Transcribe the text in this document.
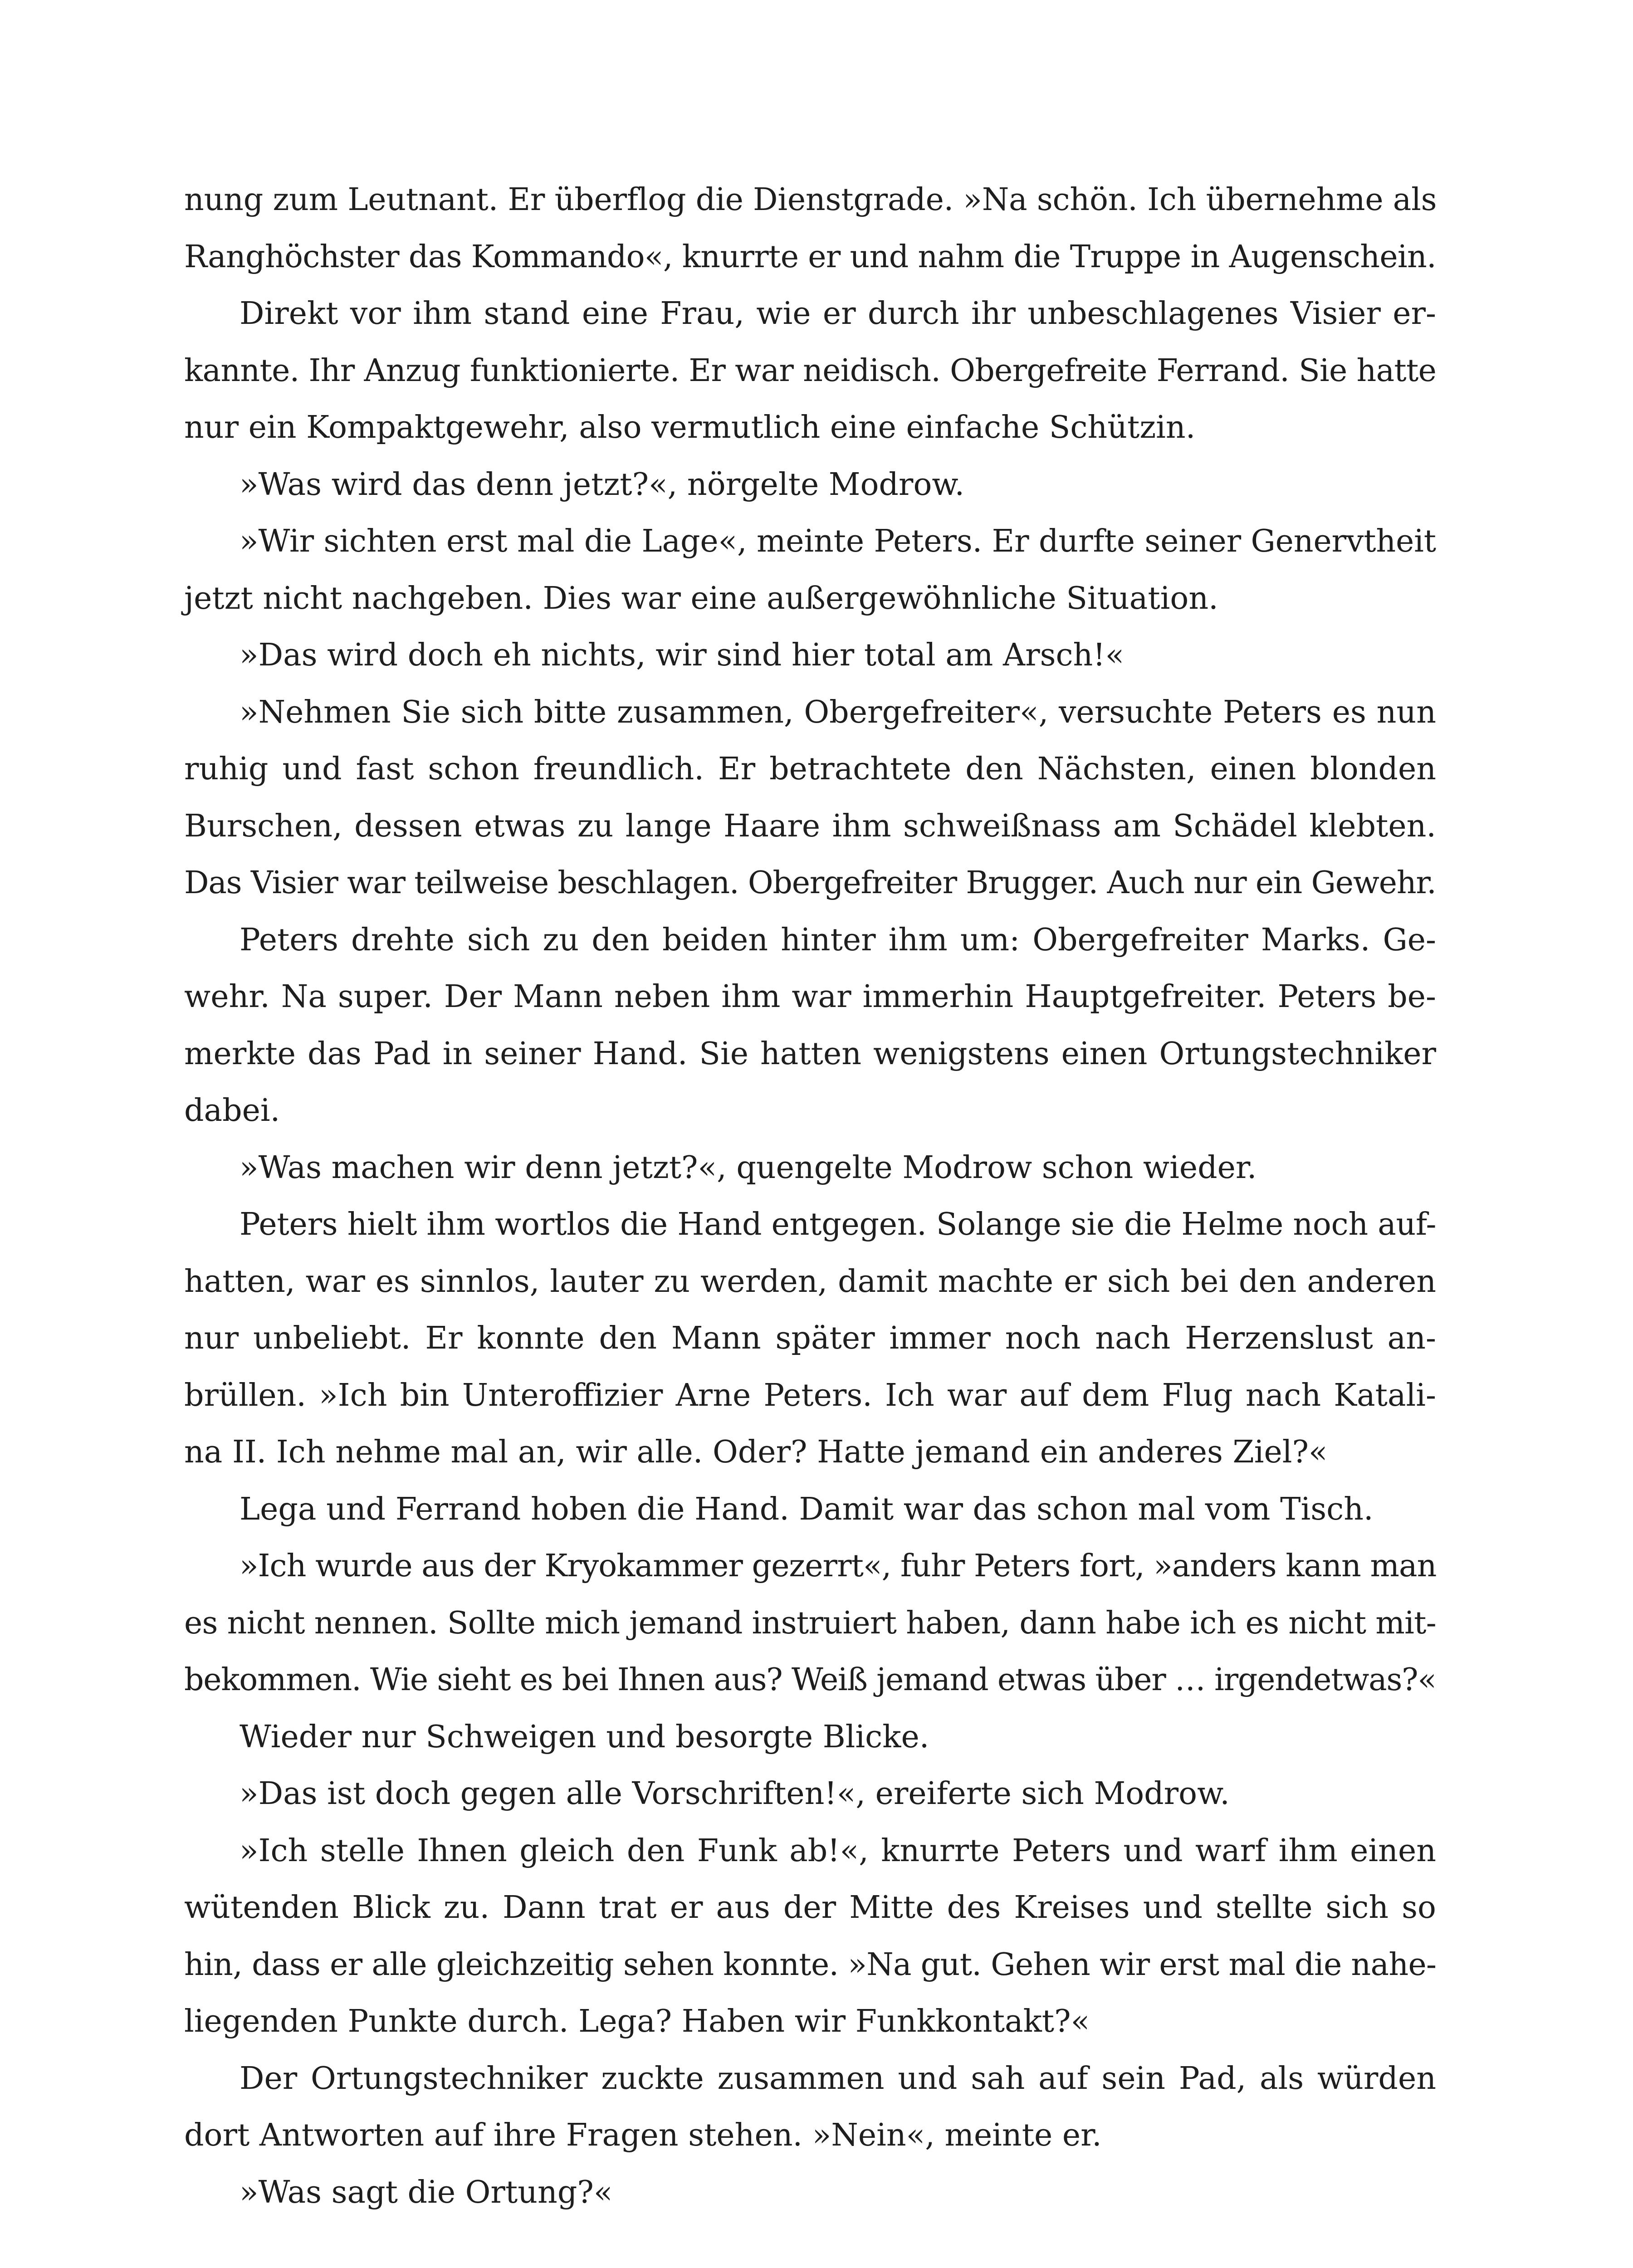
nung zum Leutnant. Er überflog die Dienstgrade. »Na schön. Ich übernehme als
Ranghöchster das Kommando«, knurrte er und nahm die Truppe in Augenschein.
Direkt vor ihm stand eine Frau, wie er durch ihr unbeschlagenes Visier er-
kannte. Ihr Anzug funktionierte. Er war neidisch. Obergefreite Ferrand. Sie hatte
nur ein Kompaktgewehr, also vermutlich eine einfache Schützin.
»Was wird das denn jetzt?«, nörgelte Modrow.
»Wir sichten erst mal die Lage«, meinte Peters. Er durfte seiner Genervtheit
jetzt nicht nachgeben. Dies war eine außergewöhnliche Situation.
»Das wird doch eh nichts, wir sind hier total am Arsch!«
»Nehmen Sie sich bitte zusammen, Obergefreiter«, versuchte Peters es nun
ruhig und fast schon freundlich. Er betrachtete den Nächsten, einen blonden
Burschen, dessen etwas zu lange Haare ihm schweißnass am Schädel klebten.
Das Visier war teilweise beschlagen. Obergefreiter Brugger. Auch nur ein Gewehr.
Peters drehte sich zu den beiden hinter ihm um: Obergefreiter Marks. Ge-
wehr. Na super. Der Mann neben ihm war immerhin Hauptgefreiter. Peters be-
merkte das Pad in seiner Hand. Sie hatten wenigstens einen Ortungstechniker
dabei.
»Was machen wir denn jetzt?«, quengelte Modrow schon wieder.
Peters hielt ihm wortlos die Hand entgegen. Solange sie die Helme noch auf-
hatten, war es sinnlos, lauter zu werden, damit machte er sich bei den anderen
nur unbeliebt. Er konnte den Mann später immer noch nach Herzenslust an-
brüllen. »Ich bin Unteroffizier Arne Peters. Ich war auf dem Flug nach Katali-
na II. Ich nehme mal an, wir alle. Oder? Hatte jemand ein anderes Ziel?«
Lega und Ferrand hoben die Hand. Damit war das schon mal vom Tisch.
»Ich wurde aus der Kryokammer gezerrt«, fuhr Peters fort, »anders kann man
es nicht nennen. Sollte mich jemand instruiert haben, dann habe ich es nicht mit-
bekommen. Wie sieht es bei Ihnen aus? Weiß jemand etwas über … irgendetwas?«
Wieder nur Schweigen und besorgte Blicke.
»Das ist doch gegen alle Vorschriften!«, ereiferte sich Modrow.
»Ich stelle Ihnen gleich den Funk ab!«, knurrte Peters und warf ihm einen
wütenden Blick zu. Dann trat er aus der Mitte des Kreises und stellte sich so
hin, dass er alle gleichzeitig sehen konnte. »Na gut. Gehen wir erst mal die nahe-
liegenden Punkte durch. Lega? Haben wir Funkkontakt?«
Der Ortungstechniker zuckte zusammen und sah auf sein Pad, als würden
dort Antworten auf ihre Fragen stehen. »Nein«, meinte er.
»Was sagt die Ortung?«
